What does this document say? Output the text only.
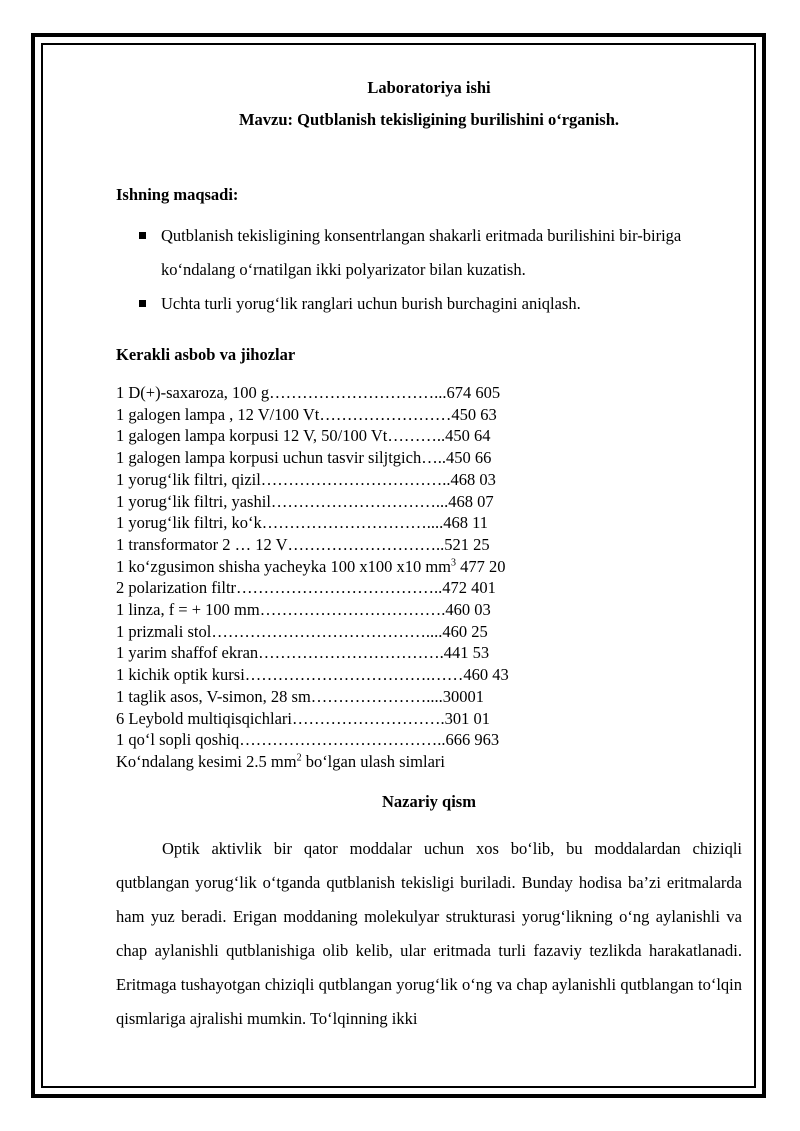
Laboratoriya ishi
Mavzu: Qutblanish tekisligining burilishini o‘rganish.
Ishning maqsadi:
Qutblanish tekisligining konsentrlangan shakarli eritmada burilishini bir-biriga ko‘ndalang o‘rnatilgan ikki polyarizator bilan kuzatish.
Uchta turli yorug‘lik ranglari uchun burish burchagini aniqlash.
Kerakli asbob va jihozlar
1 D(+)-saxaroza, 100 g…………………………...674 605
1 galogen lampa , 12 V/100 Vt……………………450 63
1 galogen lampa korpusi 12 V, 50/100 Vt………..450 64
1 galogen lampa korpusi uchun tasvir siljtgich…..450 66
1 yorug‘lik filtri, qizil……………………………..468 03
1 yorug‘lik filtri, yashil…………………………...468 07
1 yorug‘lik filtri, ko‘k…………………………....468 11
1 transformator 2 … 12 V………………………..521 25
1 ko‘zgusimon shisha yacheyka 100 x100 x10 $mm^3$ 477 20
2 polarization filtr………………………………..472 401
1 linza, f = + 100 mm…………………………….460 03
1 prizmali stol…………………………………....460 25
1 yarim shaffof ekran…………………………….441 53
1 kichik optik kursi…………………………….……460 43
1 taglik asos, V-simon, 28 sm…………………....30001
6 Leybold multiqisqichlari……………………….301 01
1 qo‘l sopli qoshiq………………………………..666 963
Ko‘ndalang kesimi 2.5 $mm^2$ bo‘lgan ulash simlari
Nazariy qism
Optik aktivlik bir qator moddalar uchun xos bo‘lib, bu moddalardan chiziqli qutblangan yorug‘lik o‘tganda qutblanish tekisligi buriladi. Bunday hodisa ba’zi eritmalarda ham yuz beradi. Erigan moddaning molekulyar strukturasi yorug‘likning o‘ng aylanishli va chap aylanishli qutblanishiga olib kelib, ular eritmada turli fazaviy tezlikda harakatlanadi. Eritmaga tushayotgan chiziqli qutblangan yorug‘lik o‘ng va chap aylanishli qutblangan to‘lqin qismlariga ajralishi mumkin. To‘lqinning ikki
